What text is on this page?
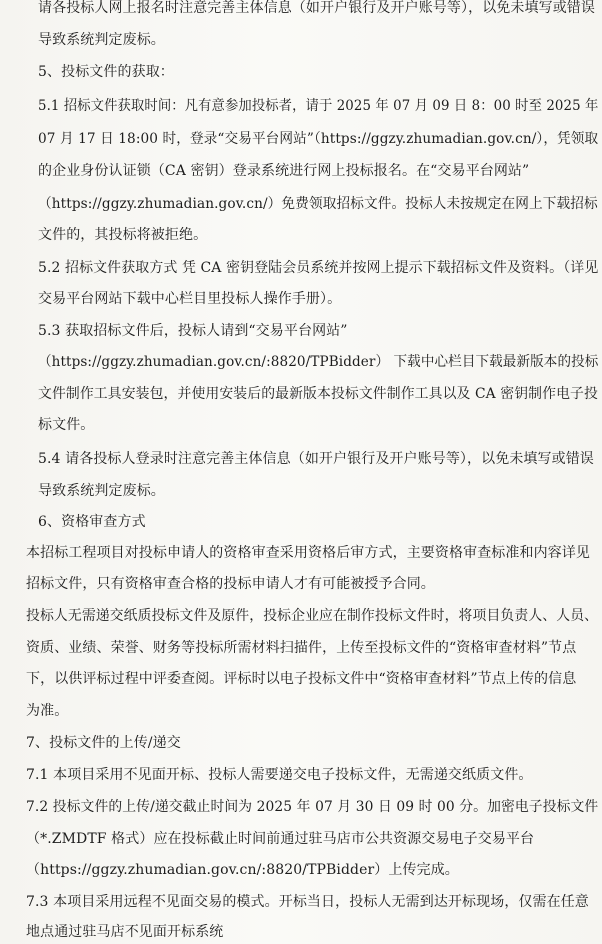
请各投标人网上报名时注意完善主体信息（如开户银行及开户账号等），以免未填写或错误
导致系统判定废标。
5、投标文件的获取：
5.1 招标文件获取时间：凡有意参加投标者，请于 2025 年 07 月 09 日 8：00 时至 2025 年
07 月 17 日 18:00 时，登录“交易平台网站”（https://ggzy.zhumadian.gov.cn/），凭领取
的企业身份认证锁（CA 密钥）登录系统进行网上投标报名。在“交易平台网站”
（https://ggzy.zhumadian.gov.cn/）免费领取招标文件。投标人未按规定在网上下载招标
文件的，其投标将被拒绝。
5.2 招标文件获取方式 凭 CA 密钥登陆会员系统并按网上提示下载招标文件及资料。（详见
交易平台网站下载中心栏目里投标人操作手册）。
5.3 获取招标文件后，投标人请到“交易平台网站”
（https://ggzy.zhumadian.gov.cn/:8820/TPBidder） 下载中心栏目下载最新版本的投标
文件制作工具安装包，并使用安装后的最新版本投标文件制作工具以及 CA 密钥制作电子投
标文件。
5.4 请各投标人登录时注意完善主体信息（如开户银行及开户账号等），以免未填写或错误
导致系统判定废标。
6、资格审查方式
本招标工程项目对投标申请人的资格审查采用资格后审方式，主要资格审查标准和内容详见
招标文件，只有资格审查合格的投标申请人才有可能被授予合同。
投标人无需递交纸质投标文件及原件，投标企业应在制作投标文件时，将项目负责人、人员、
资质、业绩、荣誉、财务等投标所需材料扫描件，上传至投标文件的“资格审查材料”节点
下，以供评标过程中评委查阅。评标时以电子投标文件中“资格审查材料”节点上传的信息
为准。
7、投标文件的上传/递交
7.1 本项目采用不见面开标、投标人需要递交电子投标文件，无需递交纸质文件。
7.2 投标文件的上传/递交截止时间为 2025 年 07 月 30 日 09 时 00 分。加密电子投标文件
（*.ZMDTF 格式）应在投标截止时间前通过驻马店市公共资源交易电子交易平台
（https://ggzy.zhumadian.gov.cn/:8820/TPBidder）上传完成。
7.3 本项目采用远程不见面交易的模式。开标当日，投标人无需到达开标现场，仅需在任意
地点通过驻马店不见面开标系统
